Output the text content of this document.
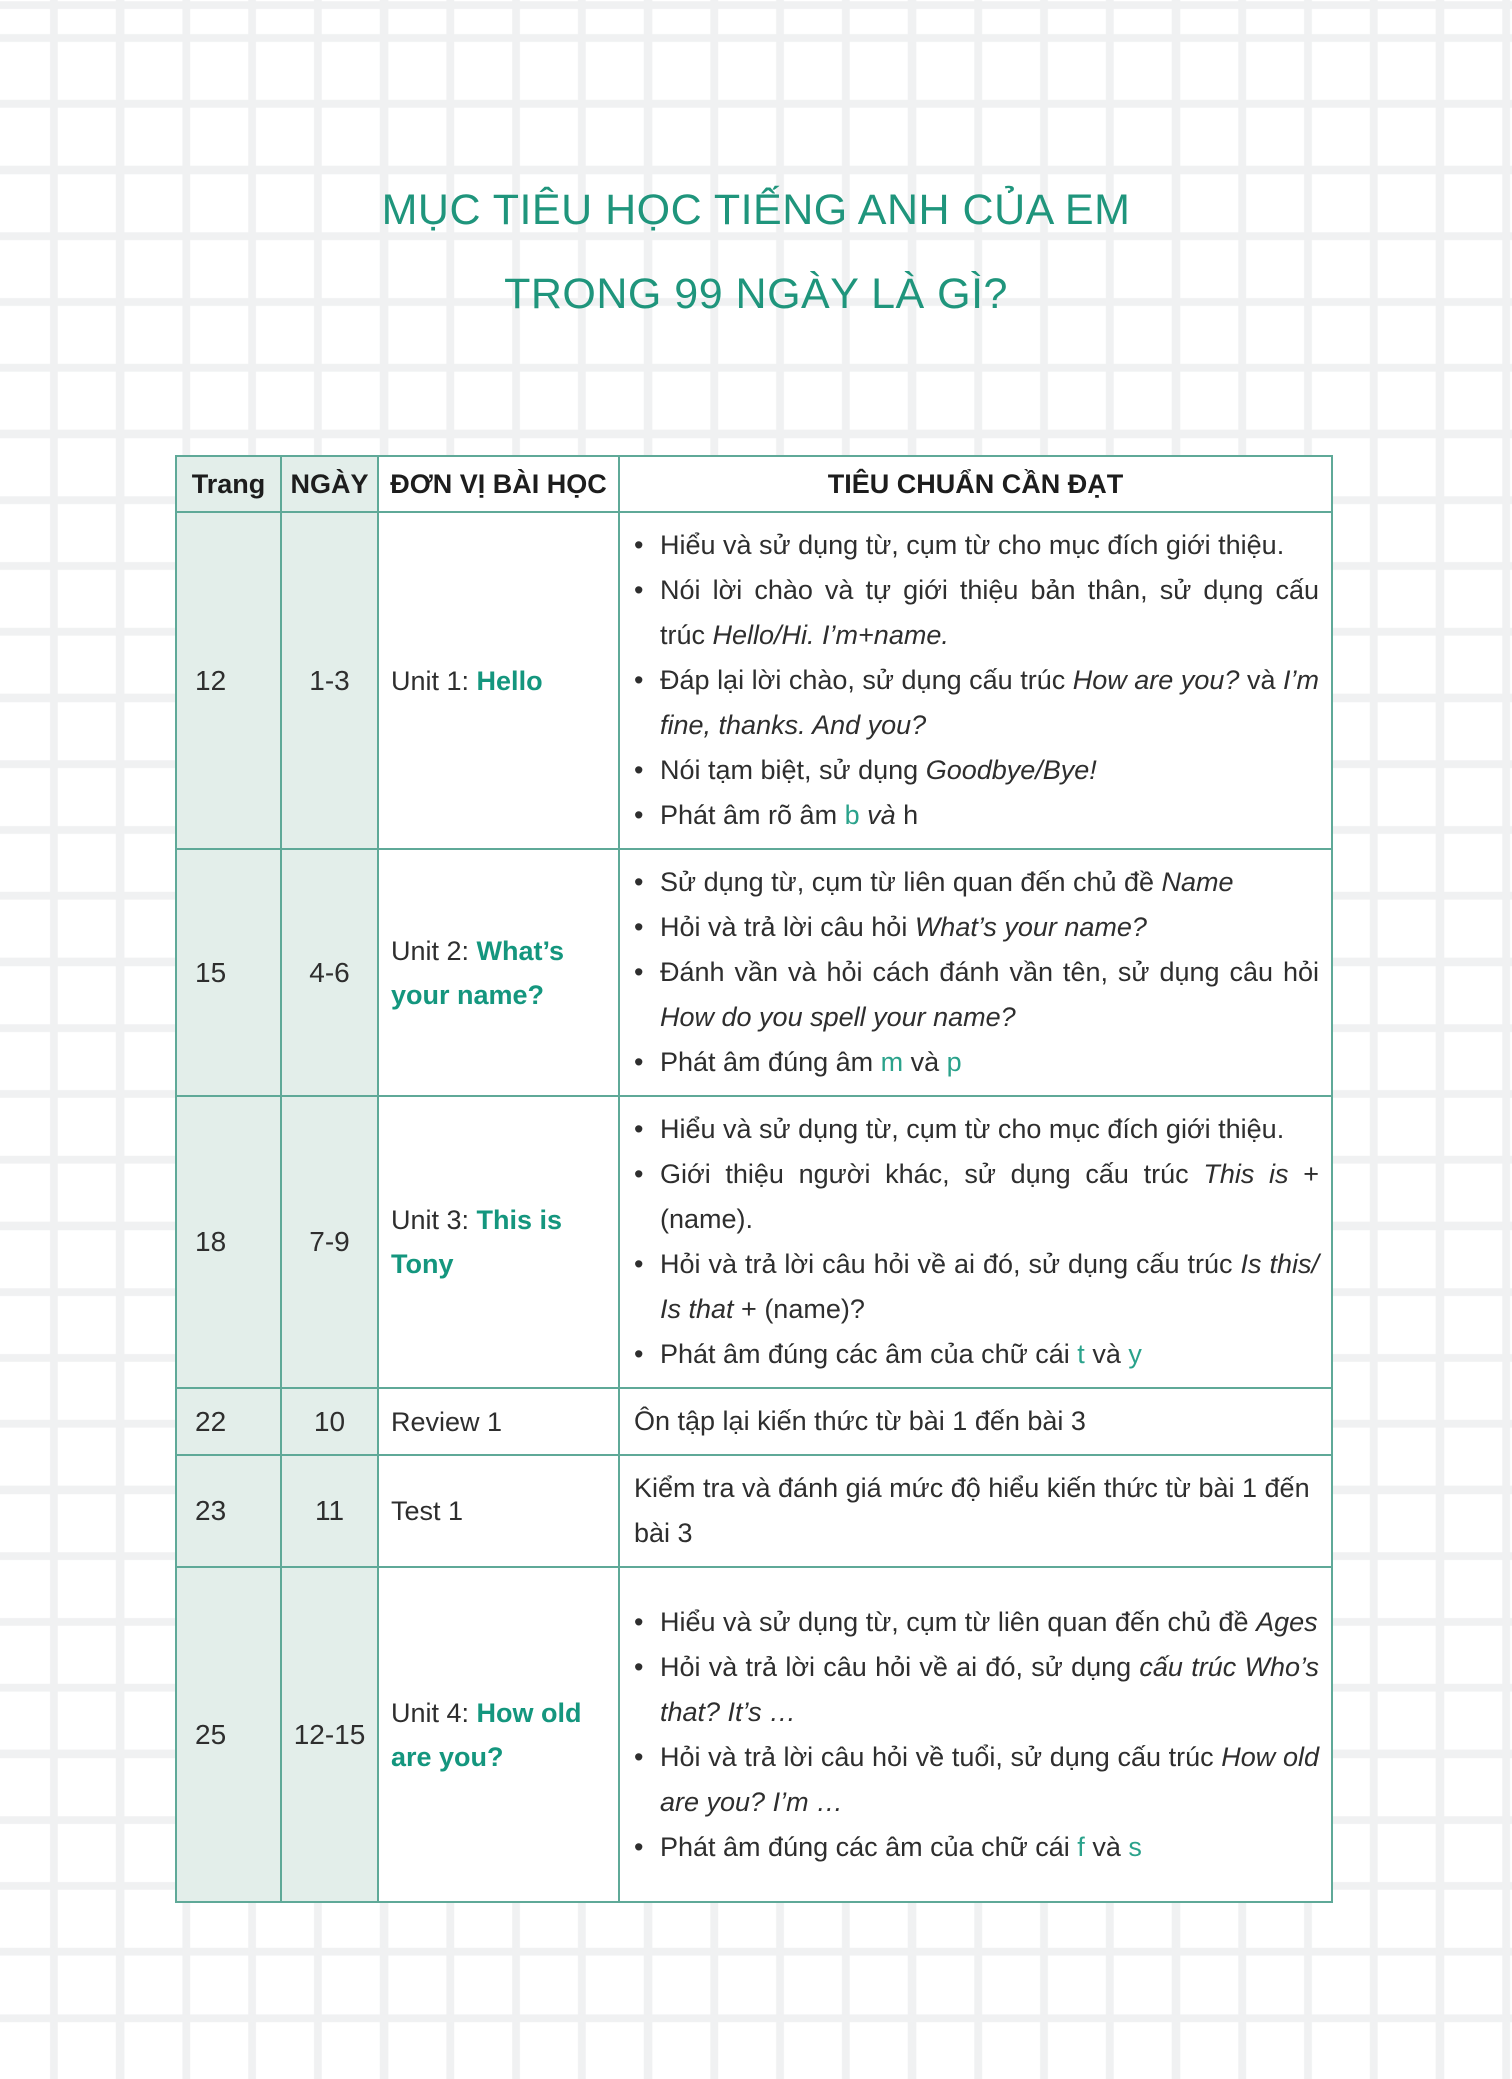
MỤC TIÊU HỌC TIẾNG ANH CỦA EM
TRONG 99 NGÀY LÀ GÌ?
Trang	NGÀY	ĐƠN VỊ BÀI HỌC	TIÊU CHUẨN CẦN ĐẠT
12	1-3	Unit 1: Hello	
• Hiểu và sử dụng từ, cụm từ cho mục đích giới thiệu.
• Nói lời chào và tự giới thiệu bản thân, sử dụng cấu trúc Hello/Hi. I’m+name.
• Đáp lại lời chào, sử dụng cấu trúc How are you? và I’m fine, thanks. And you?
• Nói tạm biệt, sử dụng Goodbye/Bye!
• Phát âm rõ âm b và h

15	4-6	Unit 2: What’s your name?	
• Sử dụng từ, cụm từ liên quan đến chủ đề Name
• Hỏi và trả lời câu hỏi What’s your name?
• Đánh vần và hỏi cách đánh vần tên, sử dụng câu hỏi How do you spell your name?
• Phát âm đúng âm m và p

18	7-9	Unit 3: This is Tony	
• Hiểu và sử dụng từ, cụm từ cho mục đích giới thiệu.
• Giới thiệu người khác, sử dụng cấu trúc This is + (name).
• Hỏi và trả lời câu hỏi về ai đó, sử dụng cấu trúc Is this/ Is that + (name)?
• Phát âm đúng các âm của chữ cái t và y

22	10	Review 1	Ôn tập lại kiến thức từ bài 1 đến bài 3

23	11	Test 1	Kiểm tra và đánh giá mức độ hiểu kiến thức từ bài 1 đến bài 3

25	12-15	Unit 4: How old are you?	
• Hiểu và sử dụng từ, cụm từ liên quan đến chủ đề Ages
• Hỏi và trả lời câu hỏi về ai đó, sử dụng cấu trúc Who’s that? It’s …
• Hỏi và trả lời câu hỏi về tuổi, sử dụng cấu trúc How old are you? I’m …
• Phát âm đúng các âm của chữ cái f và s
